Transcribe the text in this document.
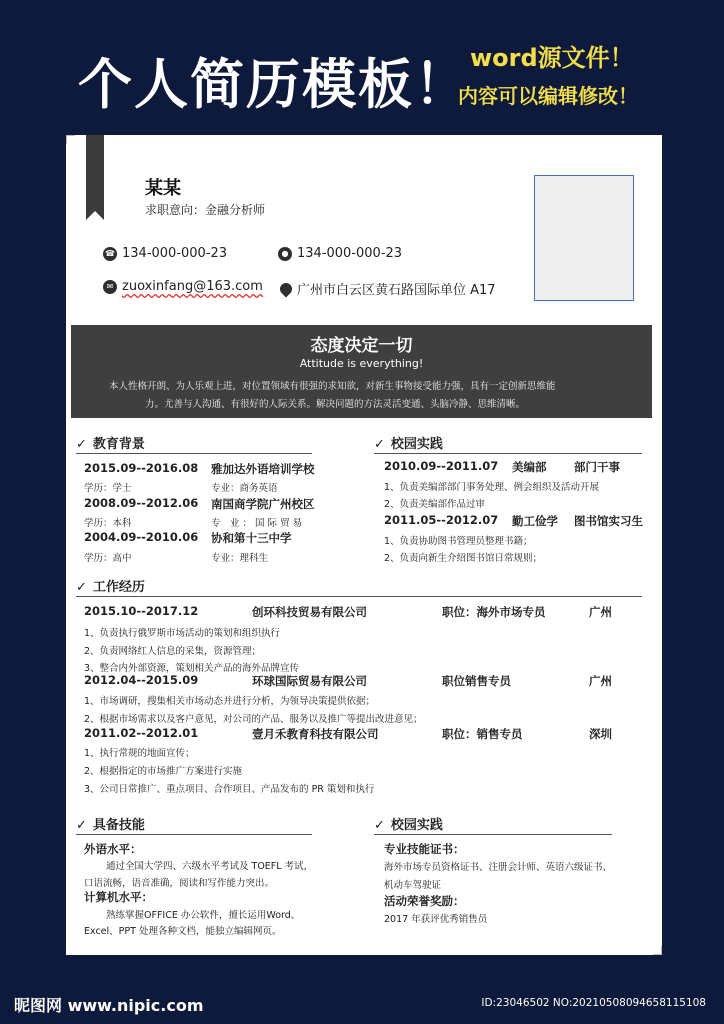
个人简历模板！ word源文件！
内容可以编辑修改！
某某
求职意向：金融分析师
☎ 134-000-000-23	● 134-000-000-23
✉ zuoxinfang@163.com	广州市白云区黄石路国际单位 A17
态度决定一切
Attitude is everything!
本人性格开朗、为人乐观上进，对位置领域有很强的求知欲，对新生事物接受能力强，具有一定创新思维能
力。尤善与人沟通、有很好的人际关系。解决问题的方法灵活变通、头脑冷静、思维清晰。
✓ 教育背景
2015.09--2016.08 雅加达外语培训学校
学历：学士	专业：商务英语
2008.09--2012.06 南国商学院广州校区
学历：本科	专　业 ： 国 际 贸 易
2004.09--2010.06 协和第十三中学
学历：高中	专业：理科生
✓ 校园实践
2010.09--2011.07 美编部 部门干事
1、负责美编部部门事务处理、例会组织及活动开展
2、负责美编部作品过审
2011.05--2012.07 勤工俭学 图书馆实习生
1、负责协助图书管理员整理书籍；
2、负责向新生介绍图书馆日常规则；
✓ 工作经历
2015.10--2017.12	创环科技贸易有限公司	职位：海外市场专员	广州
1、负责执行俄罗斯市场活动的策划和组织执行
2、负责网络红人信息的采集，资源管理；
3、整合内外部资源，策划相关产品的海外品牌宣传
2012.04--2015.09	环球国际贸易有限公司	职位销售专员	广州
1、市场调研，搜集相关市场动态并进行分析，为领导决策提供依据；
2、根据市场需求以及客户意见，对公司的产品、服务以及推广等提出改进意见；
2011.02--2012.01	壹月禾教育科技有限公司	职位：销售专员	深圳
1、执行常规的地面宣传；
2、根据指定的市场推广方案进行实施
3、公司日常推广、重点项目、合作项目、产品发布的 PR 策划和执行
✓ 具备技能
外语水平：
通过全国大学四、六级水平考试及 TOEFL 考试，
口语流畅，语音准确，阅读和写作能力突出。
计算机水平：
熟练掌握OFFICE 办公软件，擅长运用Word、
Excel、PPT 处理各种文档，能独立编辑网页。
✓ 校园实践
专业技能证书：
海外市场专员资格证书、注册会计师、英语六级证书、
机动车驾驶证
活动荣誉奖励：
2017 年获评优秀销售员
昵图网 www.nipic.com	ID:23046502 NO:20210508094658115108
